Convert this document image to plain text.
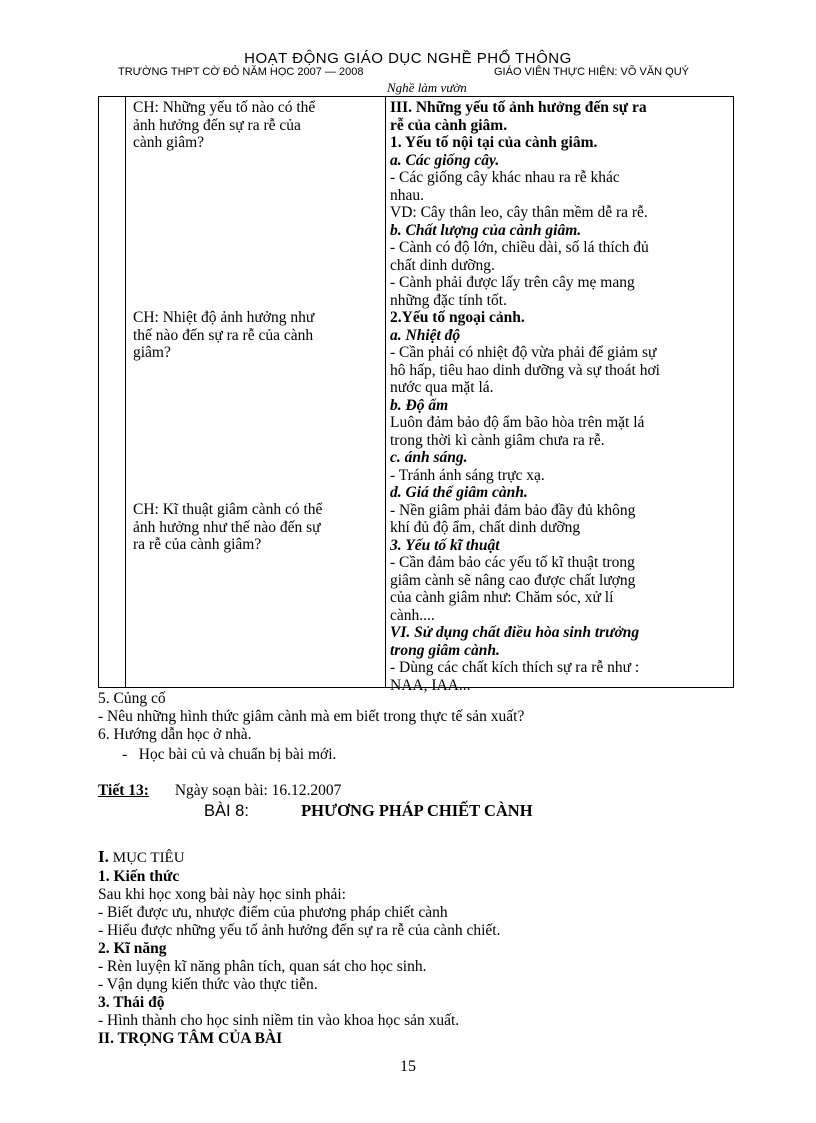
HOẠT ĐỘNG GIÁO DỤC NGHỀ PHỔ THÔNG
TRƯỜNG THPT CỜ ĐỎ NĂM HỌC 2007 — 2008	GIÁO VIÊN THỰC HIỆN: VÕ VĂN QUÝ
Nghề làm vườn

CH: Những yếu tố nào có thể

ảnh hưởng đến sự ra rễ của

cành giâm?

CH: Nhiệt độ ảnh hưởng như

thế nào đến sự ra rễ của cành

giâm?

CH: Kĩ thuật giâm cành có thể

ảnh hưởng như thế nào đến sự

ra rễ của cành giâm?

III. Những yếu tố ảnh hưởng đến sự ra

rễ của cành giâm.

1. Yếu tố nội tại của cành giâm.

a. Các giống cây.

- Các giống cây khác nhau ra rễ khác

nhau.

VD: Cây thân leo, cây thân mềm dễ ra rễ.

b. Chất lượng của cành giâm.

- Cành có độ lớn, chiều dài, số lá thích đủ

chất dinh dưỡng.

- Cành phải được lấy trên cây mẹ mang

những đặc tính tốt.

2.Yếu tố ngoại cảnh.

a. Nhiệt độ

- Cần phải có nhiệt độ vừa phải để giảm sự

hô hấp, tiêu hao dinh dưỡng và sự thoát hơi

nước qua mặt lá.

b. Độ ẩm

Luôn đảm bảo độ ẩm bão hòa trên mặt lá

trong thời kì cành giâm chưa ra rễ.

c. ánh sáng.

- Tránh ánh sáng trực xạ.

d. Giá thể giâm cành.

- Nền giâm phải đảm bảo đầy đủ không

khí đủ độ ẩm, chất dinh dưỡng

3. Yếu tố kĩ thuật

- Cần đảm bảo các yếu tố kĩ thuật trong

giâm cành sẽ nâng cao được chất lượng

của cành giâm như: Chăm sóc, xử lí

cành....

VI. Sử dụng chất điều hòa sinh trưởng

trong giâm cành.

- Dùng các chất kích thích sự ra rễ như :

NAA, IAA...

5. Củng cố
- Nêu những hình thức giâm cành mà em biết trong thực tế sản xuất?
6. Hướng dẫn học ở nhà.
- Học bài củ và chuẩn bị bài mới.
Tiết 13: Ngày soạn bài: 16.12.2007
BÀI 8:	PHƯƠNG PHÁP CHIẾT CÀNH
I. MỤC TIÊU
1. Kiến thức
Sau khi học xong bài này học sinh phải:
- Biết được ưu, nhược điểm của phương pháp chiết cành
- Hiểu được những yếu tố ảnh hưởng đến sự ra rễ của cành chiết.
2. Kĩ năng
- Rèn luyện kĩ năng phân tích, quan sát cho học sinh.
- Vận dụng kiến thức vào thực tiễn.
3. Thái độ
- Hình thành cho học sinh niềm tin vào khoa học sản xuất.
II. TRỌNG TÂM CỦA BÀI
15
